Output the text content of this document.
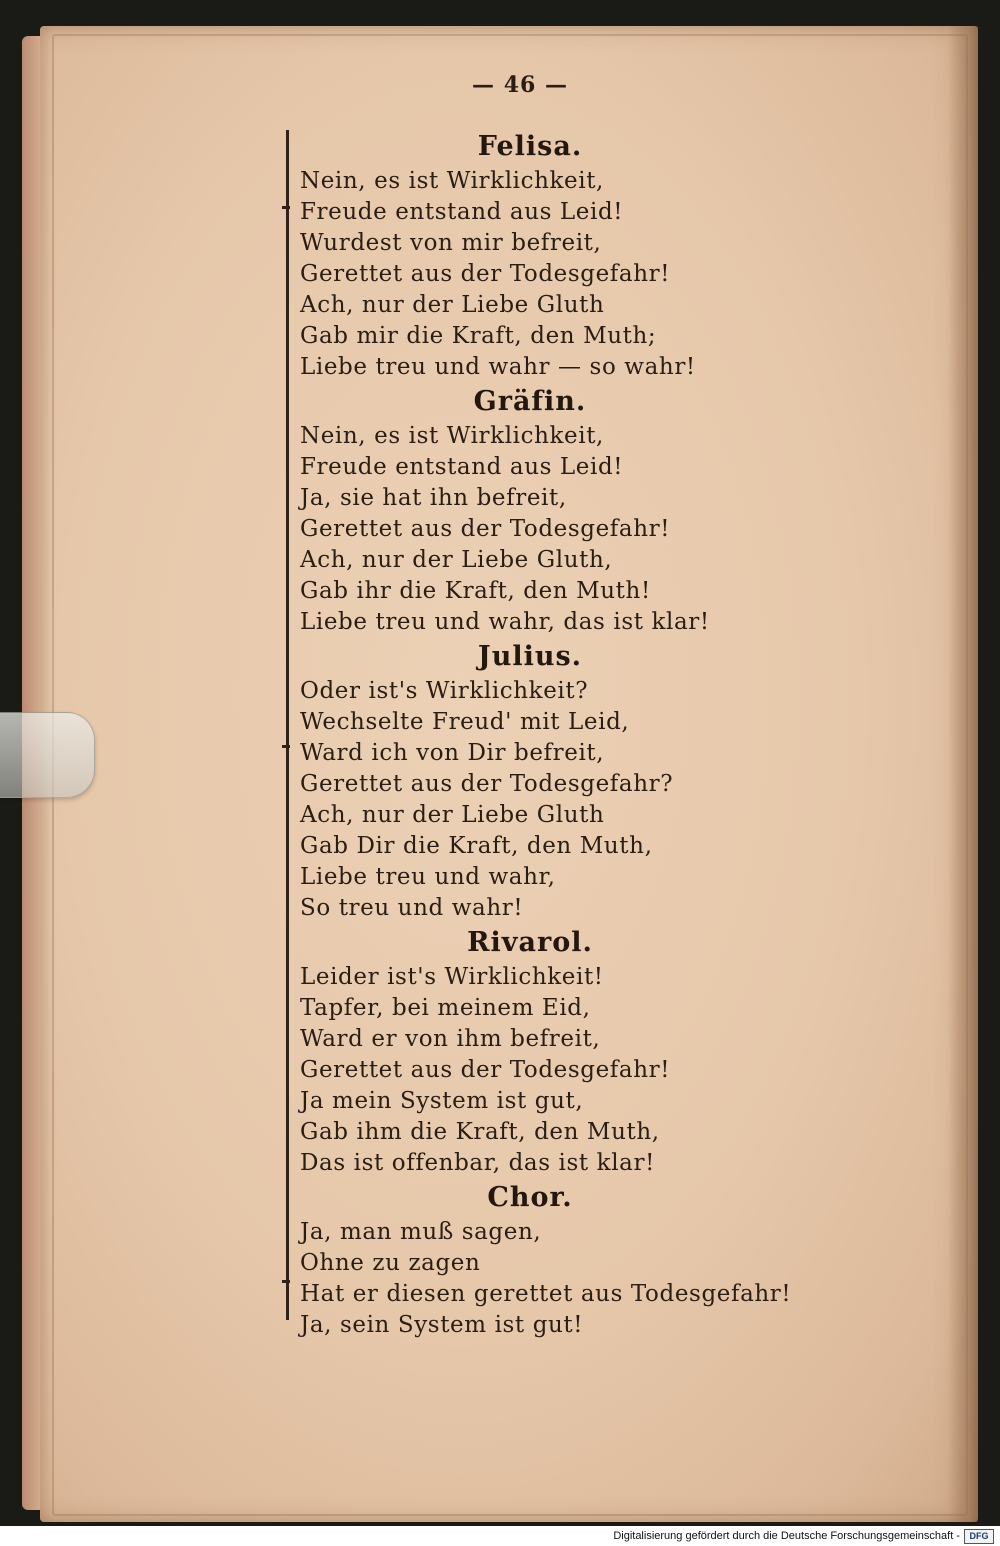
— 46 —
Felisa.
Nein, es ist Wirklichkeit,
Freude entstand aus Leid!
Wurdest von mir befreit,
Gerettet aus der Todesgefahr!
Ach, nur der Liebe Gluth
Gab mir die Kraft, den Muth;
Liebe treu und wahr — so wahr!
Gräfin.
Nein, es ist Wirklichkeit,
Freude entstand aus Leid!
Ja, sie hat ihn befreit,
Gerettet aus der Todesgefahr!
Ach, nur der Liebe Gluth,
Gab ihr die Kraft, den Muth!
Liebe treu und wahr, das ist klar!
Julius.
Oder ist's Wirklichkeit?
Wechselte Freud' mit Leid,
Ward ich von Dir befreit,
Gerettet aus der Todesgefahr?
Ach, nur der Liebe Gluth
Gab Dir die Kraft, den Muth,
Liebe treu und wahr,
So treu und wahr!
Rivarol.
Leider ist's Wirklichkeit!
Tapfer, bei meinem Eid,
Ward er von ihm befreit,
Gerettet aus der Todesgefahr!
Ja mein System ist gut,
Gab ihm die Kraft, den Muth,
Das ist offenbar, das ist klar!
Chor.
Ja, man muß sagen,
Ohne zu zagen
Hat er diesen gerettet aus Todesgefahr!
Ja, sein System ist gut!
Digitalisierung gefördert durch die Deutsche Forschungsgemeinschaft -	DFG
